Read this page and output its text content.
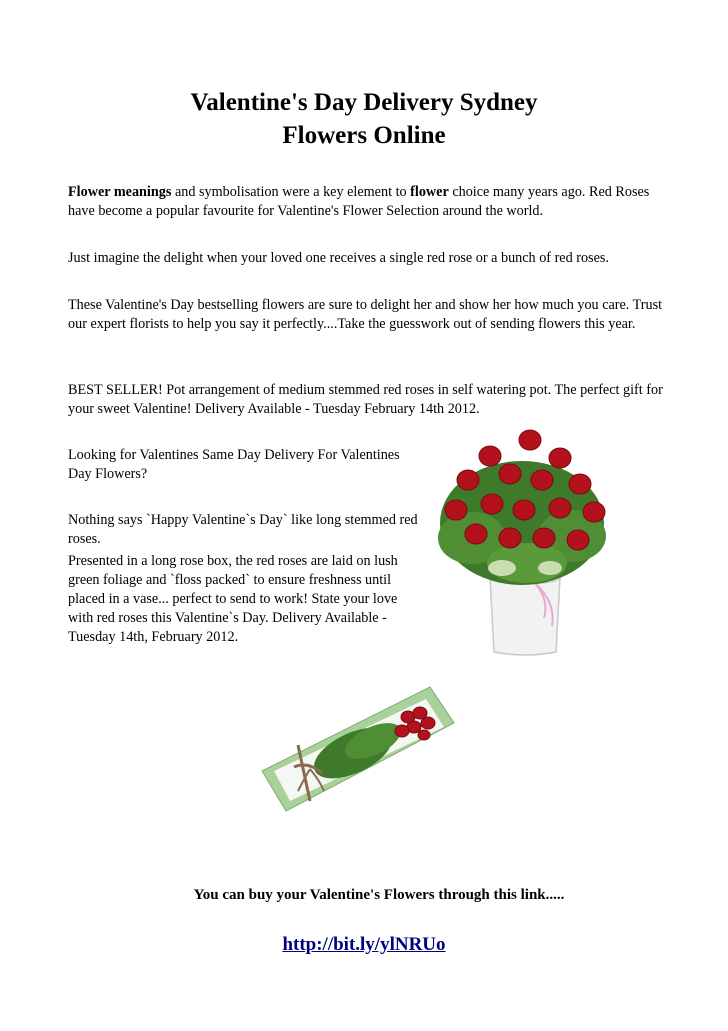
Valentine's Day Delivery Sydney
Flowers Online

Flower meanings and symbolisation were a key element to flower choice many years ago. Red Roses have become a popular favourite for Valentine's Flower Selection around the world.

Just imagine the delight when your loved one receives a single red rose or a bunch of red roses.

These Valentine's Day bestselling flowers are sure to delight her and show her how much you care. Trust our expert florists to help you say it perfectly....Take the guesswork out of sending flowers this year.

BEST SELLER! Pot arrangement of medium stemmed red roses in self watering pot. The perfect gift for your sweet Valentine! Delivery Available - Tuesday February 14th 2012.

Looking for Valentines Same Day Delivery For Valentines Day Flowers?

Nothing says `Happy Valentine`s Day` like long stemmed red roses.

Presented in a long rose box, the red roses are laid on lush green foliage and `floss packed` to ensure freshness until placed in a vase... perfect to send to work! State your love with red roses this Valentine`s Day. Delivery Available -Tuesday 14th, February 2012.

You can buy your Valentine's Flowers through this link.....
http://bit.ly/ylNRUo
